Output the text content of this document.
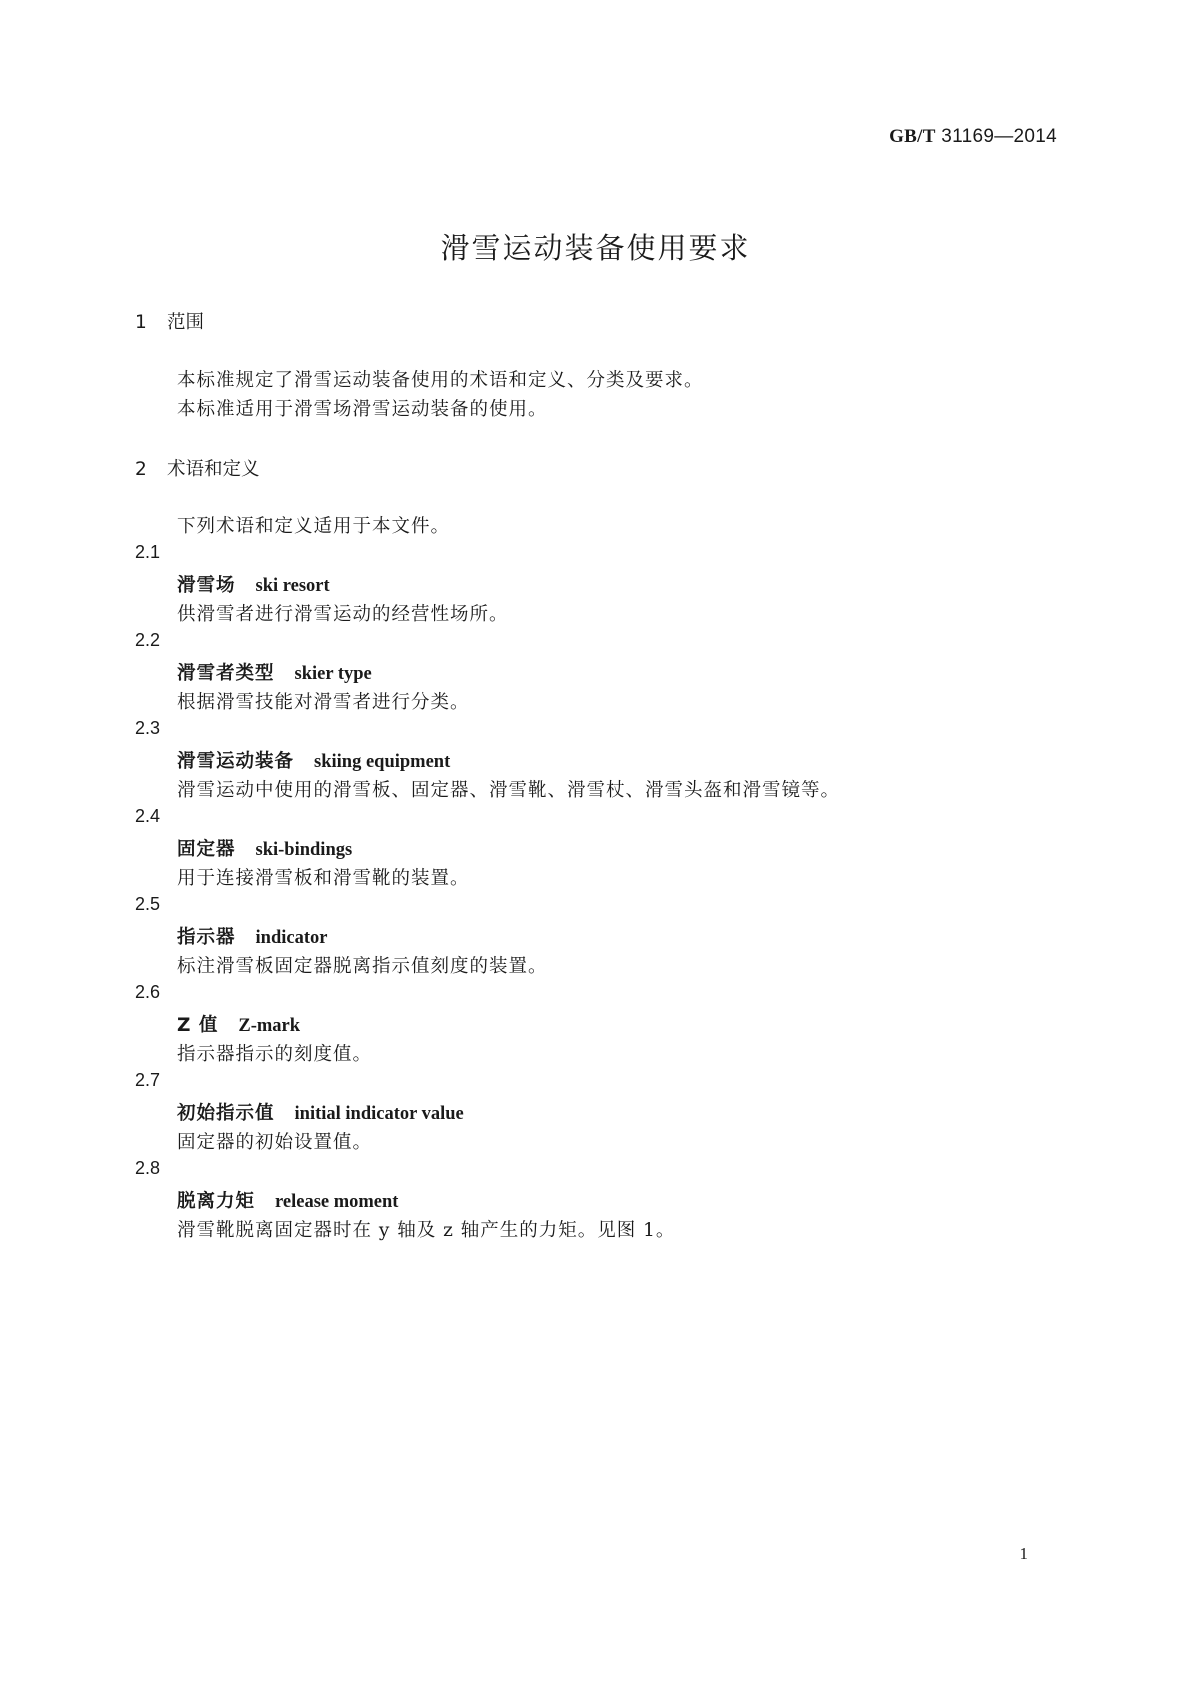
GB/T 31169—2014
滑雪运动装备使用要求
1 范围

本标准规定了滑雪运动装备使用的术语和定义、分类及要求。

本标准适用于滑雪场滑雪运动装备的使用。

2 术语和定义

下列术语和定义适用于本文件。

2.1
滑雪场 ski resort
供滑雪者进行滑雪运动的经营性场所。
2.2
滑雪者类型 skier type
根据滑雪技能对滑雪者进行分类。
2.3
滑雪运动装备 skiing equipment
滑雪运动中使用的滑雪板、固定器、滑雪靴、滑雪杖、滑雪头盔和滑雪镜等。
2.4
固定器 ski-bindings
用于连接滑雪板和滑雪靴的装置。
2.5
指示器 indicator
标注滑雪板固定器脱离指示值刻度的装置。
2.6
Z 值 Z-mark
指示器指示的刻度值。
2.7
初始指示值 initial indicator value
固定器的初始设置值。
2.8
脱离力矩 release moment
滑雪靴脱离固定器时在 y 轴及 z 轴产生的力矩。见图 1。
1
